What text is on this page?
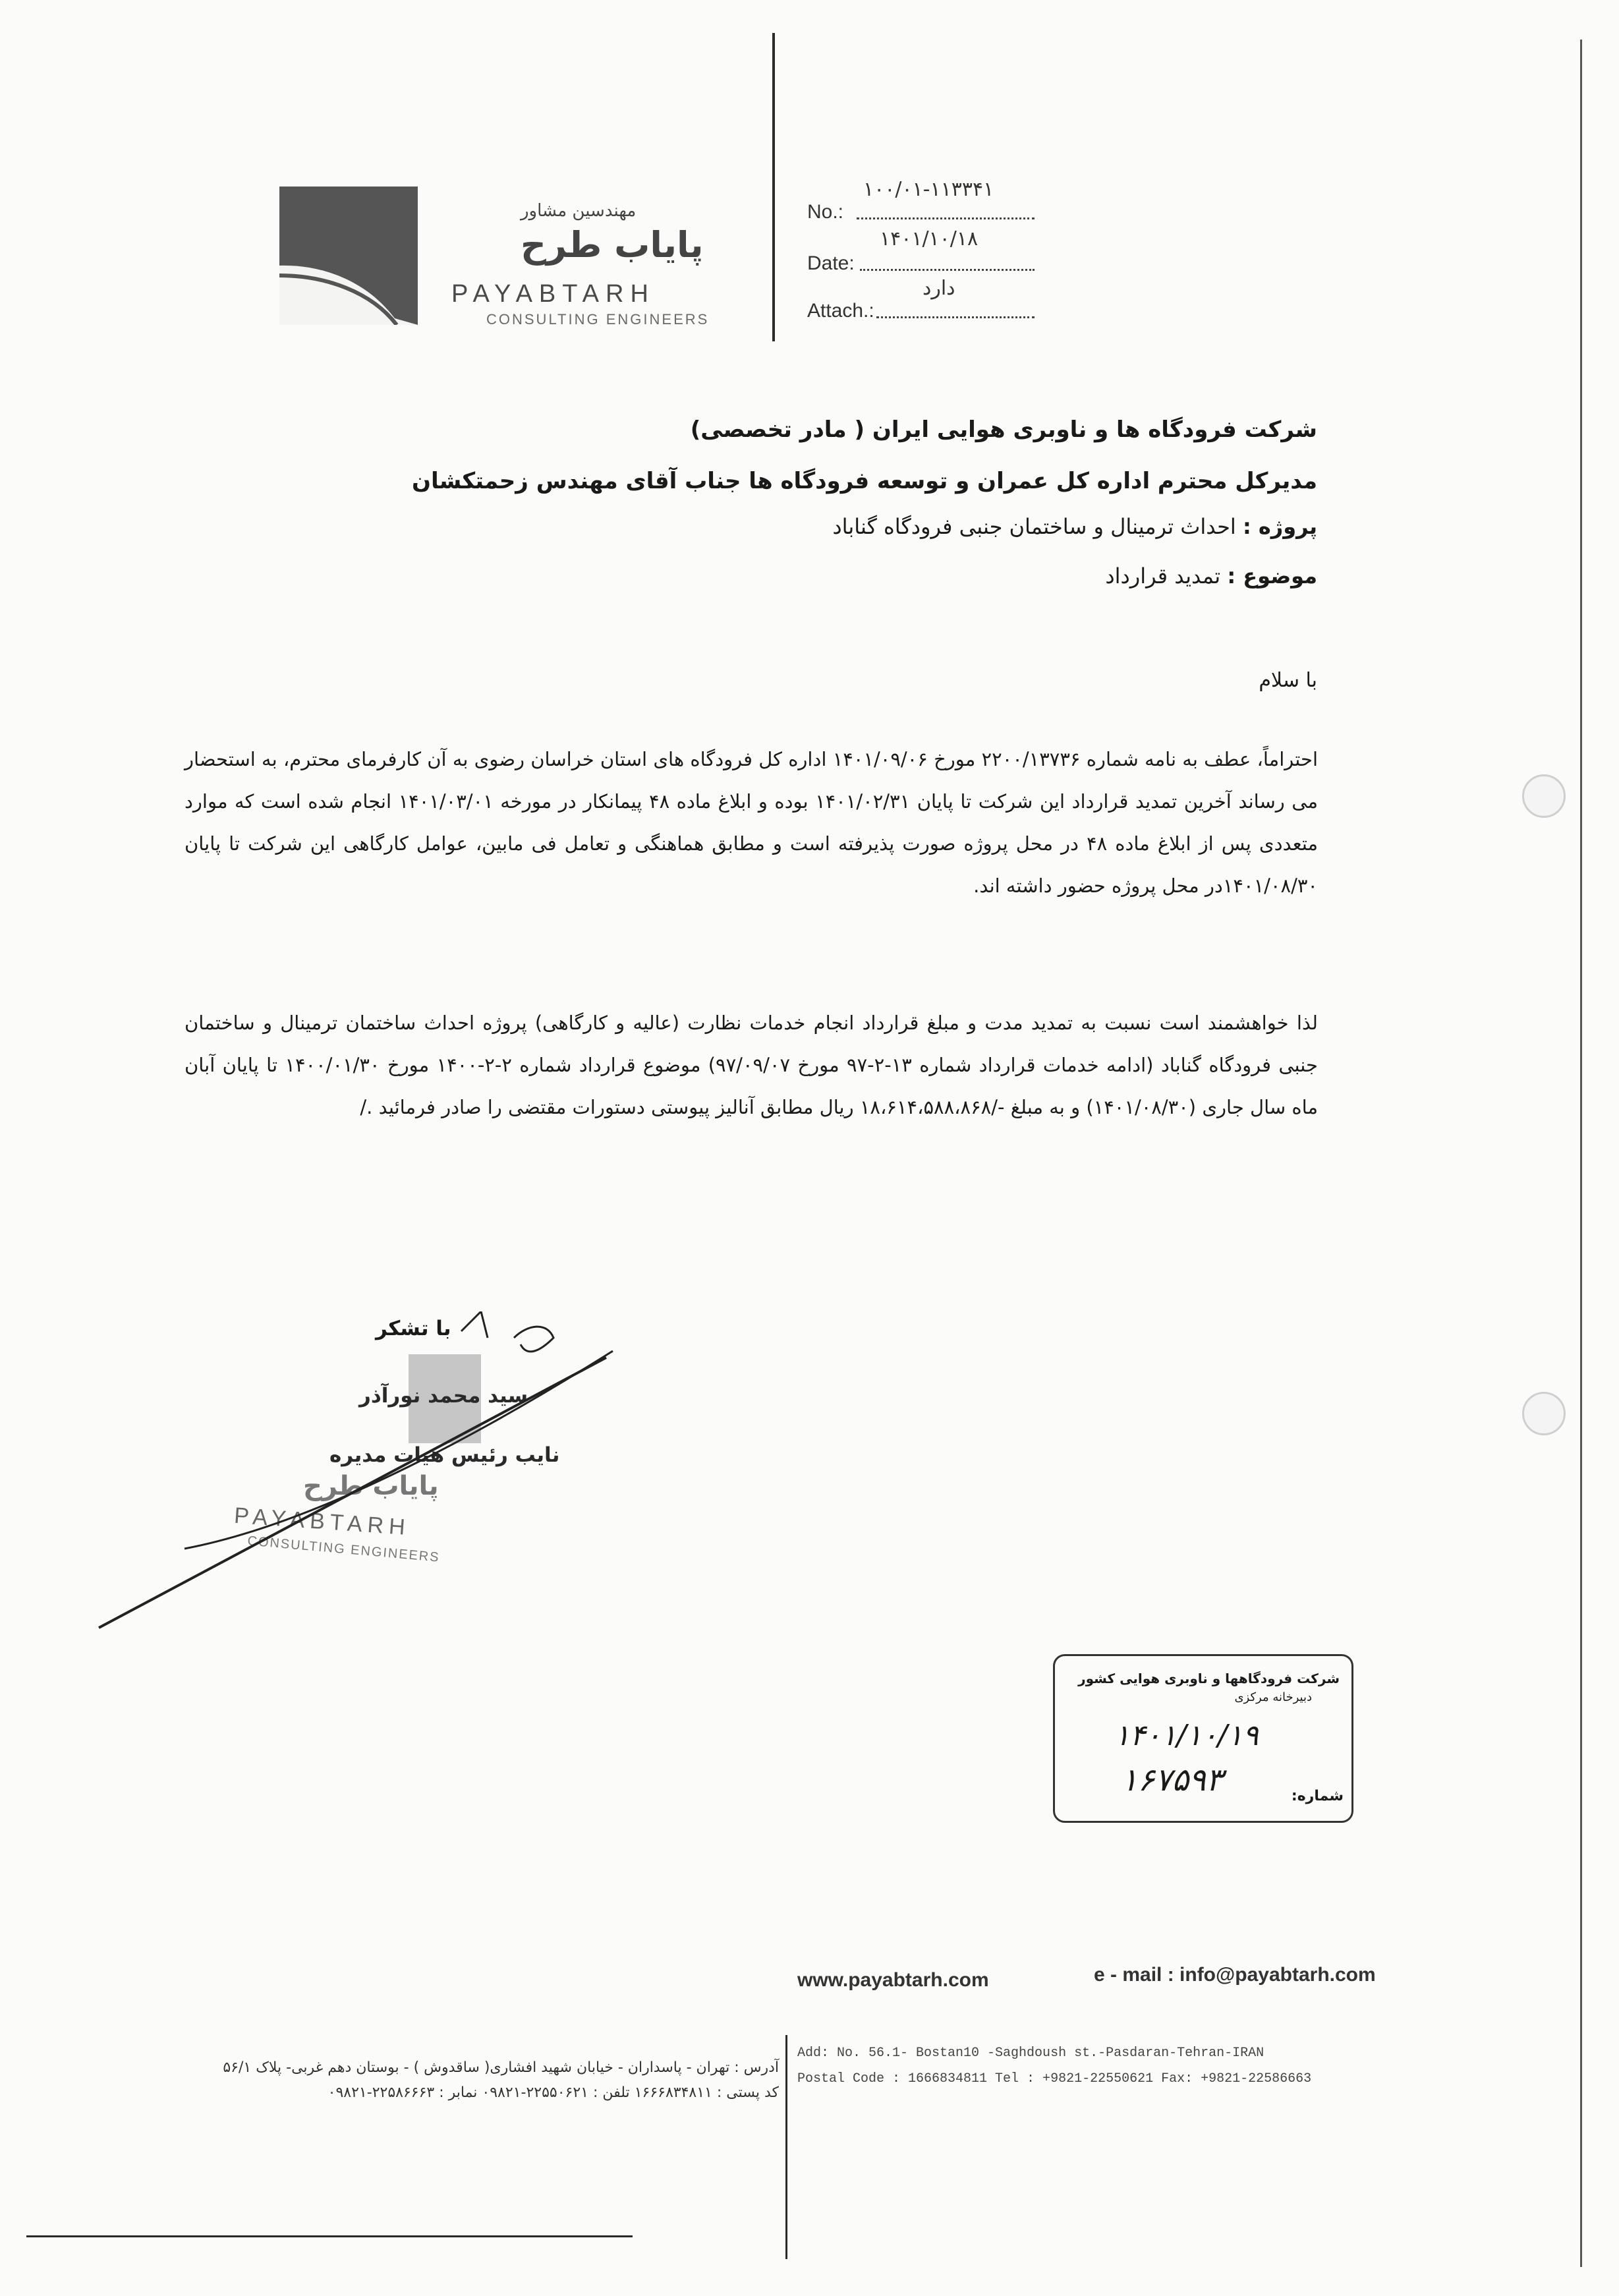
مهندسین مشاور
پایاب طرح
PAYABTARH
CONSULTING ENGINEERS
۱۰۰/۰۱-۱۱۳۳۴۱
No.:
۱۴۰۱/۱۰/۱۸
Date:
دارد
Attach.:
شرکت فرودگاه ها و ناوبری هوایی ایران ( مادر تخصصی)
مدیرکل محترم اداره کل عمران و توسعه فرودگاه ها جناب آقای مهندس زحمتکشان
پروژه : احداث ترمینال و ساختمان جنبی فرودگاه گناباد
موضوع : تمدید قرارداد
با سلام
احتراماً، عطف به نامه شماره ۲۲۰۰/۱۳۷۳۶ مورخ ۱۴۰۱/۰۹/۰۶ اداره کل فرودگاه های استان خراسان رضوی به آن کارفرمای محترم، به استحضار می رساند آخرین تمدید قرارداد این شرکت تا پایان ۱۴۰۱/۰۲/۳۱ بوده و ابلاغ ماده ۴۸ پیمانکار در مورخه ۱۴۰۱/۰۳/۰۱ انجام شده است که موارد متعددی پس از ابلاغ ماده ۴۸ در محل پروژه صورت پذیرفته است و مطابق هماهنگی و تعامل فی مابین، عوامل کارگاهی این شرکت تا پایان ۱۴۰۱/۰۸/۳۰در محل پروژه حضور داشته اند.
لذا خواهشمند است نسبت به تمدید مدت و مبلغ قرارداد انجام خدمات نظارت (عالیه و کارگاهی) پروژه احداث ساختمان ترمینال و ساختمان جنبی فرودگاه گناباد (ادامه خدمات قرارداد شماره ۱۳-۲-۹۷ مورخ ۹۷/۰۹/۰۷) موضوع قرارداد شماره ۲-۲-۱۴۰۰ مورخ ۱۴۰۰/۰۱/۳۰ تا پایان آبان ماه سال جاری (۱۴۰۱/۰۸/۳۰) و به مبلغ -/۱۸،۶۱۴،۵۸۸،۸۶۸ ریال مطابق آنالیز پیوستی دستورات مقتضی را صادر فرمائید ./
با تشکر
سید محمد نورآذر
نایب رئیس هیات مدیره
پایاب طرح
PAYABTARH
CONSULTING ENGINEERS
شرکت فرودگاهها و ناوبری هوایی کشور
دبیرخانه مرکزی
۱۴۰۱/۱۰/۱۹
۱۶۷۵۹۳	شماره:
www.payabtarh.com	e - mail : info@payabtarh.com
آدرس : تهران - پاسداران - خیابان شهید افشاری( ساقدوش ) - بوستان دهم غربی- پلاک ۵۶/۱
کد پستی : ۱۶۶۶۸۳۴۸۱۱ تلفن : ۲۲۵۵۰۶۲۱-۰۹۸۲۱ نمابر : ۲۲۵۸۶۶۶۳-۰۹۸۲۱
Add: No. 56.1- Bostan10 -Saghdoush st.-Pasdaran-Tehran-IRAN
Postal Code : 1666834811 Tel : +9821-22550621 Fax: +9821-22586663
